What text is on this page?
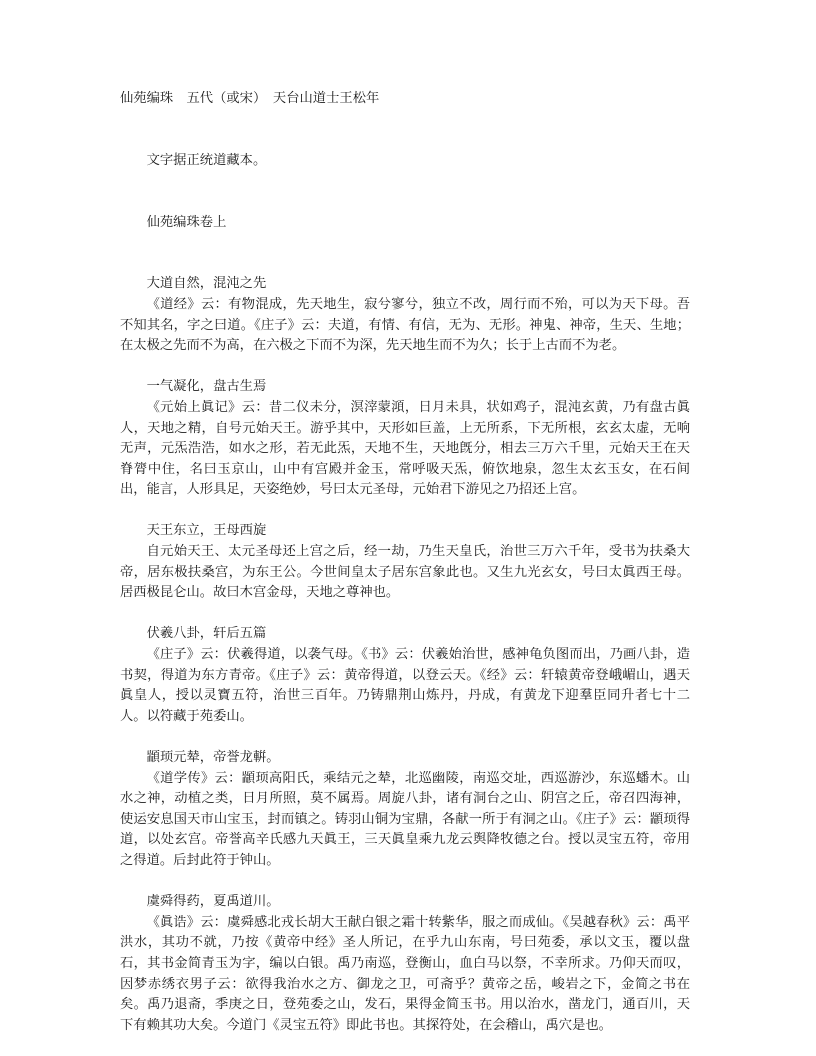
仙苑编珠　五代（或宋）　天台山道士王松年

文字据正统道藏本。

仙苑编珠卷上

大道自然，混沌之先

《道经》云：有物混成，先天地生，寂兮寥兮，独立不改，周行而不殆，可以为天下母。吾不知其名，字之曰道。《庄子》云：夫道，有情、有信，无为、无形。神鬼、神帝，生天、生地；在太极之先而不为高，在六极之下而不为深，先天地生而不为久；长于上古而不为老。

一气凝化，盘古生焉

《元始上眞记》云：昔二仪未分，溟滓蒙澒，日月未具，状如鸡子，混沌玄黄，乃有盘古眞人，天地之精，自号元始天王。游乎其中，天形如巨盖，上无所系，下无所根，玄玄太虚，无响无声，元炁浩浩，如水之形，若无此炁，天地不生，天地旣分，相去三万六千里，元始天王在天脊膂中住，名曰玉京山，山中有宫殿并金玉，常呼吸天炁，俯饮地泉，忽生太玄玉女，在石间出，能言，人形具足，天姿绝妙，号曰太元圣母，元始君下游见之乃招还上宫。

天王东立，王母西旋

自元始天王、太元圣母还上宫之后，经一劫，乃生天皇氏，治世三万六千年，受书为扶桑大帝，居东极扶桑宫，为东王公。今世间皇太子居东宫象此也。又生九光玄女，号曰太眞西王母。居西极昆仑山。故曰木宫金母，天地之尊神也。

伏羲八卦，轩后五篇

《庄子》云：伏羲得道，以袭气母。《书》云：伏羲始治世，感神龟负图而出，乃画八卦，造书契，得道为东方青帝。《庄子》云：黄帝得道，以登云天。《经》云：轩辕黄帝登峨嵋山，遇天眞皇人，授以灵寶五符，治世三百年。乃铸鼎荆山炼丹，丹成，有黄龙下迎羣臣同升者七十二人。以符藏于苑委山。

顓顼元辇，帝誉龙輧。

《道学传》云：顓顼高阳氏，乘结元之辇，北巡幽陵，南巡交址，西巡游沙，东巡蟠木。山水之神，动植之类，日月所照，莫不属焉。周旋八卦，诸有洞台之山、阴宫之丘，帝召四海神，使运安息国天市山宝玉，封而镇之。铸羽山铜为宝鼎，各献一所于有洞之山。《庄子》云：顓顼得道，以处玄宫。帝誉高辛氏感九天眞王，三天眞皇乘九龙云舆降牧德之台。授以灵宝五符，帝用之得道。后封此符于钟山。

虞舜得药，夏禹道川。

《眞诰》云：虞舜感北戎长胡大王献白银之霜十转紫华，服之而成仙。《吴越春秋》云：禹平洪水，其功不就，乃按《黄帝中经》圣人所记，在乎九山东南，号曰苑委，承以文玉，覆以盘石，其书金简青玉为字，编以白银。禹乃南巡，登衡山，血白马以祭，不幸所求。乃仰天而叹，因梦赤绣衣男子云：欲得我治水之方、御龙之卫，可斋乎？黄帝之岳，峻岩之下，金简之书在矣。禹乃退斋，季庚之日，登苑委之山，发石，果得金简玉书。用以治水，凿龙门，通百川，天下有赖其功大矣。今道门《灵宝五符》即此书也。其探符处，在会稽山，禹穴是也。
